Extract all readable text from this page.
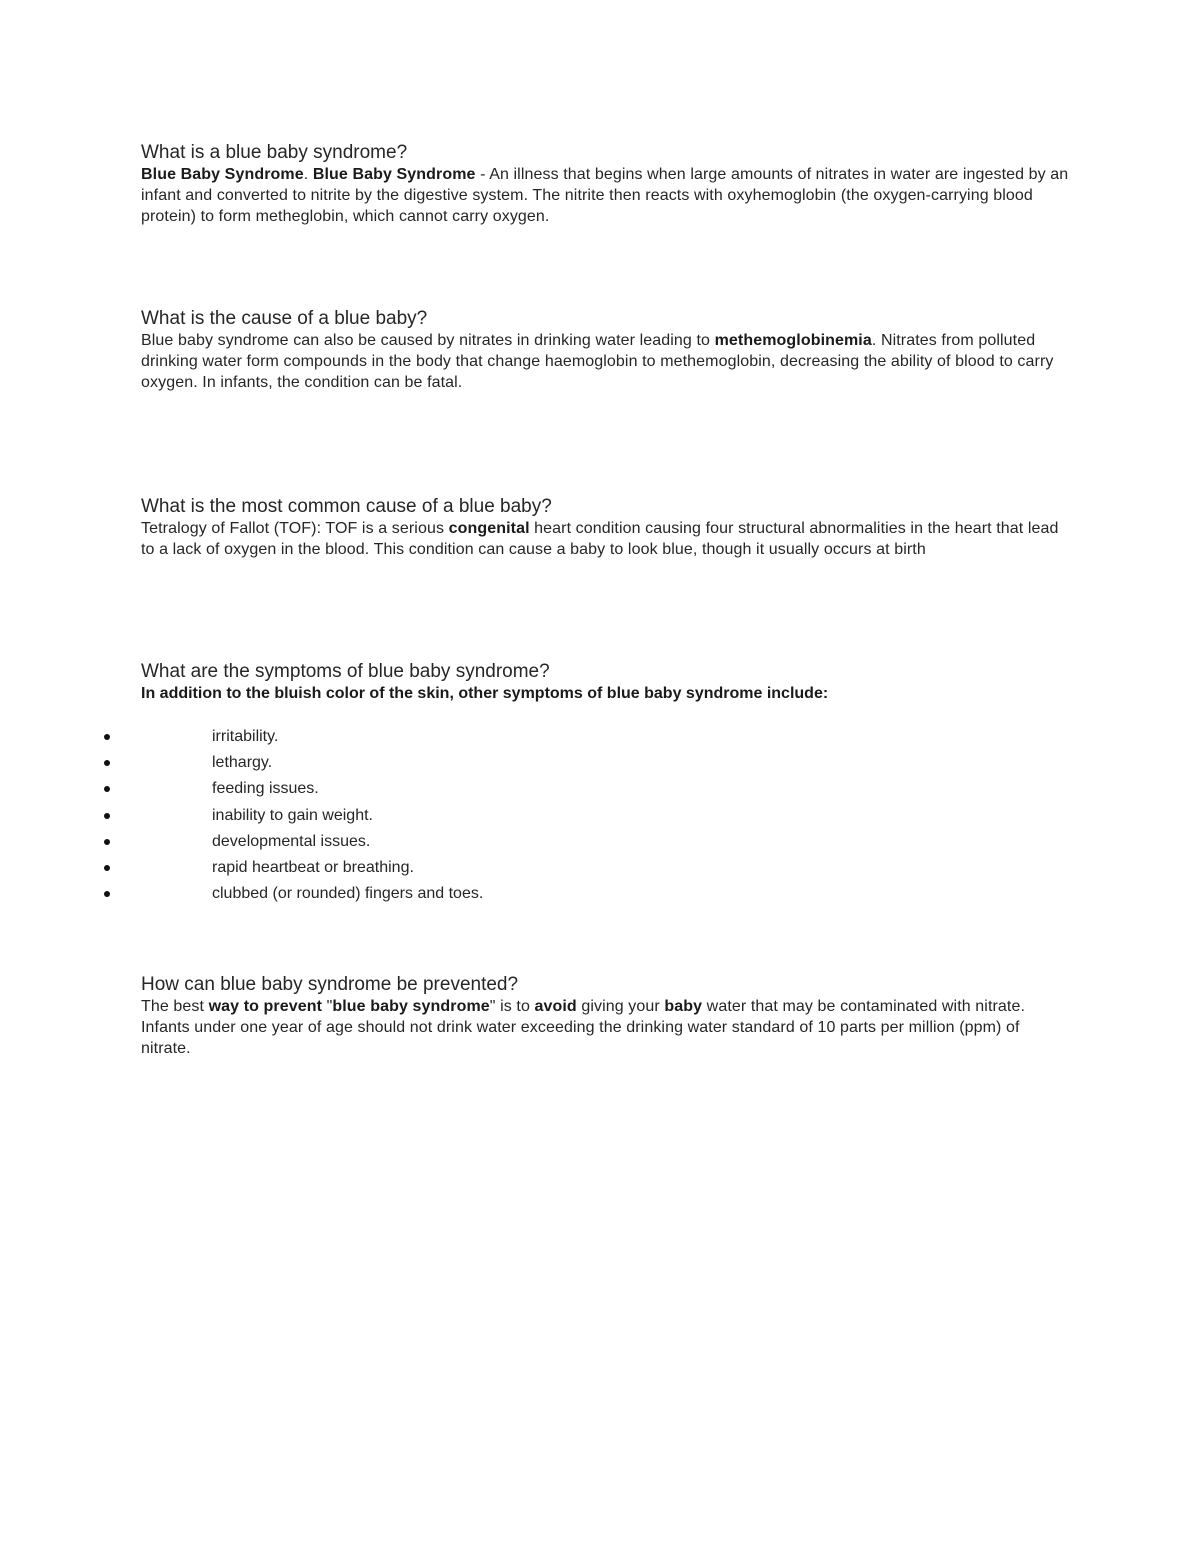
What is a blue baby syndrome?

Blue Baby Syndrome. Blue Baby Syndrome - An illness that begins when large amounts of nitrates in water are ingested by an infant and converted to nitrite by the digestive system. The nitrite then reacts with oxyhemoglobin (the oxygen-carrying blood protein) to form metheglobin, which cannot carry oxygen.

What is the cause of a blue baby?

Blue baby syndrome can also be caused by nitrates in drinking water leading to methemoglobinemia. Nitrates from polluted drinking water form compounds in the body that change haemoglobin to methemoglobin, decreasing the ability of blood to carry oxygen. In infants, the condition can be fatal.

What is the most common cause of a blue baby?

Tetralogy of Fallot (TOF): TOF is a serious congenital heart condition causing four structural abnormalities in the heart that lead to a lack of oxygen in the blood. This condition can cause a baby to look blue, though it usually occurs at birth

What are the symptoms of blue baby syndrome?

In addition to the bluish color of the skin, other symptoms of blue baby syndrome include:

irritability.
lethargy.
feeding issues.
inability to gain weight.
developmental issues.
rapid heartbeat or breathing.
clubbed (or rounded) fingers and toes.
How can blue baby syndrome be prevented?

The best way to prevent "blue baby syndrome" is to avoid giving your baby water that may be contaminated with nitrate. Infants under one year of age should not drink water exceeding the drinking water standard of 10 parts per million (ppm) of nitrate.
